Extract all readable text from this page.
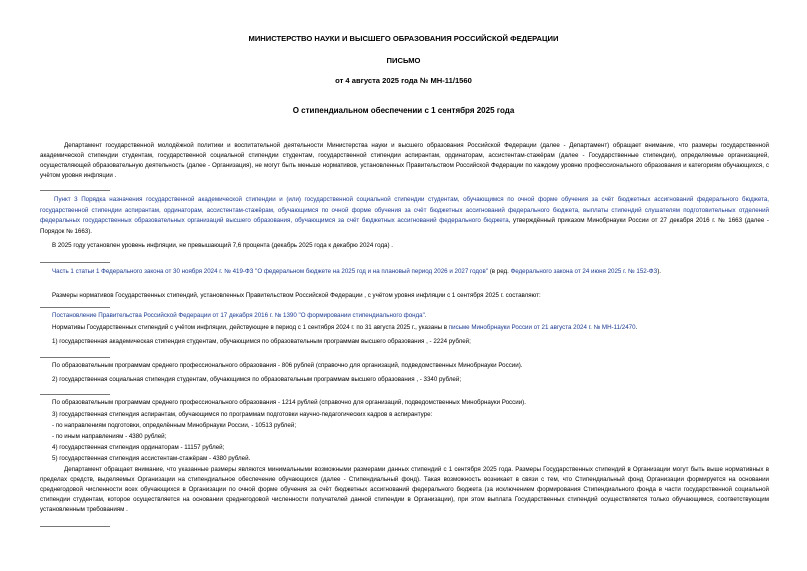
МИНИСТЕРСТВО НАУКИ И ВЫСШЕГО ОБРАЗОВАНИЯ РОССИЙСКОЙ ФЕДЕРАЦИИ
ПИСЬМО
от 4 августа 2025 года № МН-11/1560
О стипендиальном обеспечении с 1 сентября 2025 года
Департамент государственной молодёжной политики и воспитательной деятельности Министерства науки и высшего образования Российской Федерации (далее - Департамент) обращает внимание, что размеры государственной академической стипендии студентам, государственной социальной стипендии студентам, государственной стипендии аспирантам, ординаторам, ассистентам-стажёрам (далее - Государственные стипендии), определяемые организацией, осуществляющей образовательную деятельность (далее - Организация), не могут быть меньше нормативов, установленных Правительством Российской Федерации по каждому уровню профессионального образования и категориям обучающихся, с учётом уровня инфляции .
Пункт 3 Порядка назначения государственной академической стипендии и (или) государственной социальной стипендии студентам, обучающимся по очной форме обучения за счёт бюджетных ассигнований федерального бюджета, государственной стипендии аспирантам, ординаторам, ассистентам-стажёрам, обучающимся по очной форме обучения за счёт бюджетных ассигнований федерального бюджета, выплаты стипендий слушателям подготовительных отделений федеральных государственных образовательных организаций высшего образования, обучающимся за счёт бюджетных ассигнований федерального бюджета, утверждённый приказом Минобрнауки России от 27 декабря 2016 г. № 1663 (далее - Порядок № 1663).
В 2025 году установлен уровень инфляции, не превышающий 7,6 процента (декабрь 2025 года к декабрю 2024 года) .
Часть 1 статьи 1 Федерального закона от 30 ноября 2024 г. № 419-ФЗ "О федеральном бюджете на 2025 год и на плановый период 2026 и 2027 годов" (в ред. Федерального закона от 24 июня 2025 г. № 152-ФЗ).
Размеры нормативов Государственных стипендий, установленных Правительством Российской Федерации , с учётом уровня инфляции с 1 сентября 2025 г. составляют:
Постановление Правительства Российской Федерации от 17 декабря 2016 г. № 1390 "О формировании стипендиального фонда".
Нормативы Государственных стипендий с учётом инфляции, действующие в период с 1 сентября 2024 г. по 31 августа 2025 г., указаны в письме Минобрнауки России от 21 августа 2024 г. № МН-11/2470.
1) государственная академическая стипендия студентам, обучающимся по образовательным программам высшего образования , - 2224 рублей;
По образовательным программам среднего профессионального образования - 806 рублей (справочно для организаций, подведомственных Минобрнауки России).
2) государственная социальная стипендия студентам, обучающимся по образовательным программам высшего образования , - 3340 рублей;
По образовательным программам среднего профессионального образования - 1214 рублей (справочно для организаций, подведомственных Минобрнауки России).
3) государственная стипендия аспирантам, обучающимся по программам подготовки научно-педагогических кадров в аспирантуре:
- по направлениям подготовки, определённым Минобрнауки России, - 10513 рублей;
- по иным направлениям - 4380 рублей;
4) государственная стипендия ординаторам - 11157 рублей;
5) государственная стипендия ассистентам-стажёрам - 4380 рублей.
Департамент обращает внимание, что указанные размеры являются минимальными возможными размерами данных стипендий с 1 сентября 2025 года. Размеры Государственных стипендий в Организации могут быть выше нормативных в пределах средств, выделяемых Организации на стипендиальное обеспечение обучающихся (далее - Стипендиальный фонд). Такая возможность возникает в связи с тем, что Стипендиальный фонд Организации формируется на основании среднегодовой численности всех обучающихся в Организации по очной форме обучения за счёт бюджетных ассигнований федерального бюджета (за исключением формирования Стипендиального фонда в части государственной социальной стипендии студентам, которое осуществляется на основании среднегодовой численности получателей данной стипендии в Организации), при этом выплата Государственных стипендий осуществляется только обучающимся, соответствующим установленным требованиям .
